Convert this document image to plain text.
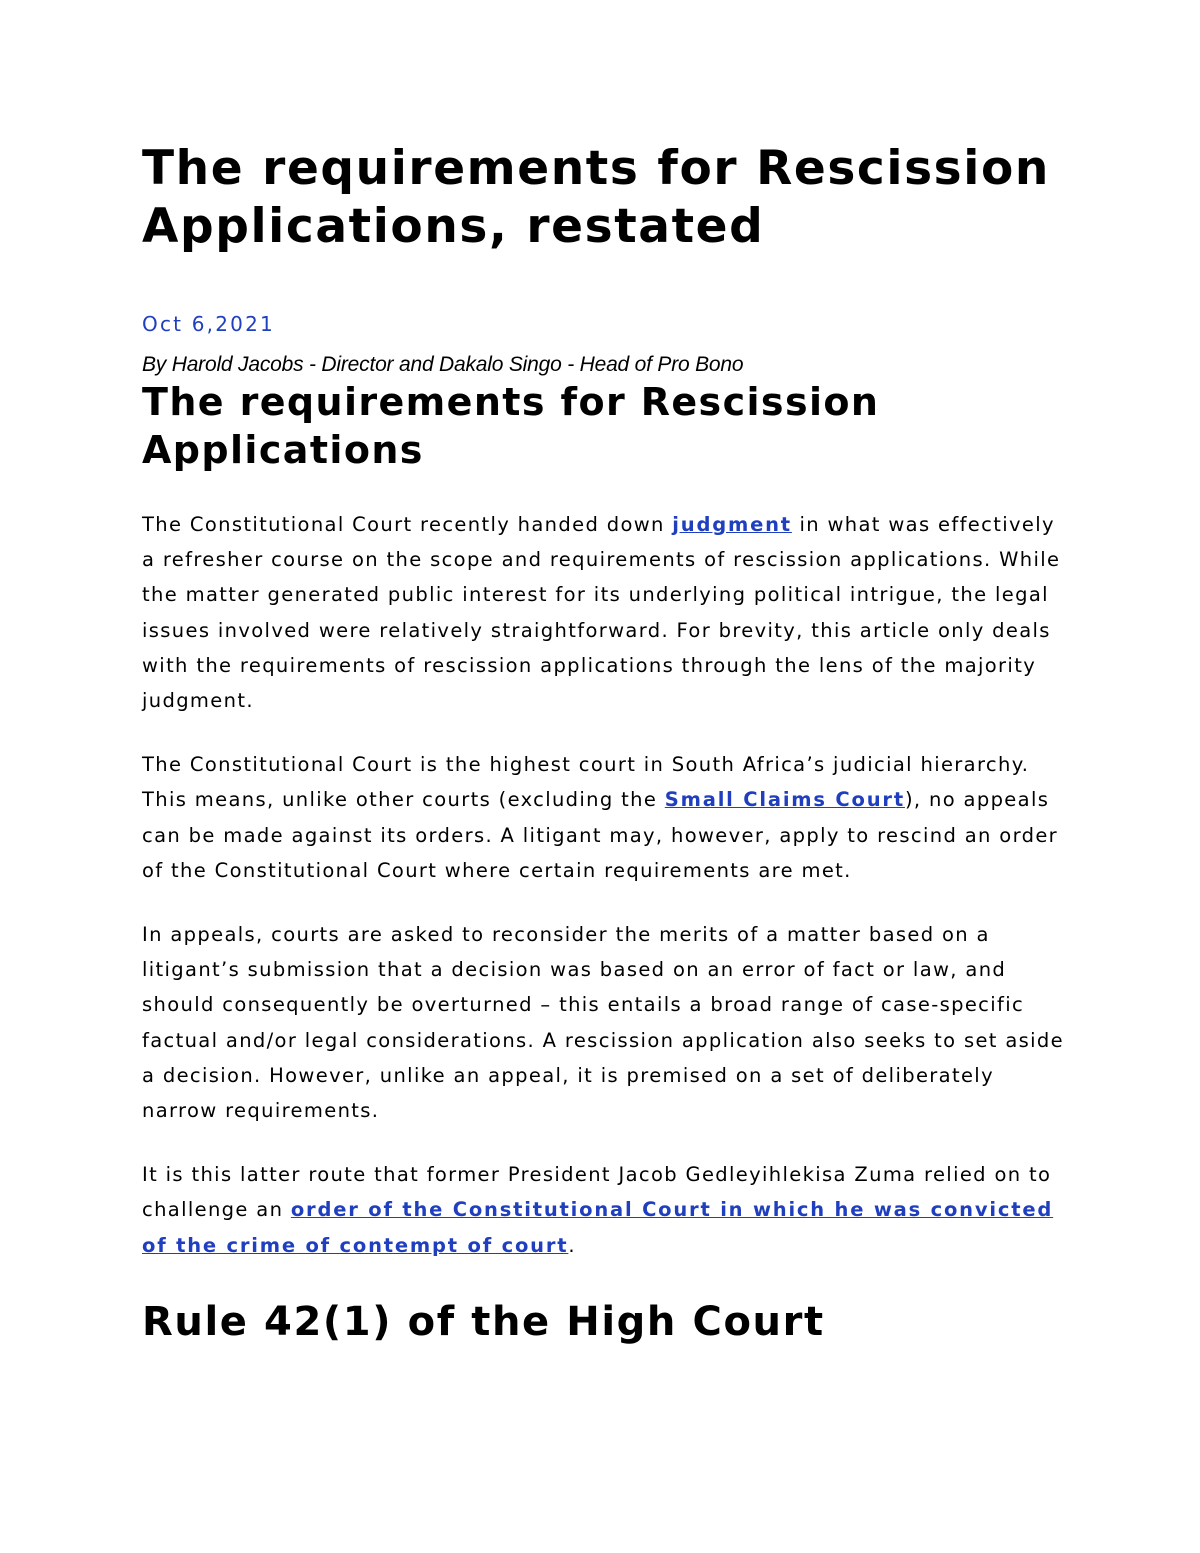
The requirements for Rescission
Applications, restated
Oct 6,2021
By Harold Jacobs - Director and Dakalo Singo - Head of Pro Bono
The requirements for Rescission
Applications

The Constitutional Court recently handed down judgment in what was effectively a refresher course on the scope and requirements of rescission applications. While the matter generated public interest for its underlying political intrigue, the legal issues involved were relatively straightforward. For brevity, this article only deals with the requirements of rescission applications through the lens of the majority judgment.

The Constitutional Court is the highest court in South Africa’s judicial hierarchy. This means, unlike other courts (excluding the Small Claims Court), no appeals can be made against its orders. A litigant may, however, apply to rescind an order of the Constitutional Court where certain requirements are met.

In appeals, courts are asked to reconsider the merits of a matter based on a litigant’s submission that a decision was based on an error of fact or law, and should consequently be overturned – this entails a broad range of case-specific factual and/or legal considerations. A rescission application also seeks to set aside a decision. However, unlike an appeal, it is premised on a set of deliberately narrow requirements.

It is this latter route that former President Jacob Gedleyihlekisa Zuma relied on to challenge an order of the Constitutional Court in which he was convicted of the crime of contempt of court.

Rule 42(1) of the High Court
